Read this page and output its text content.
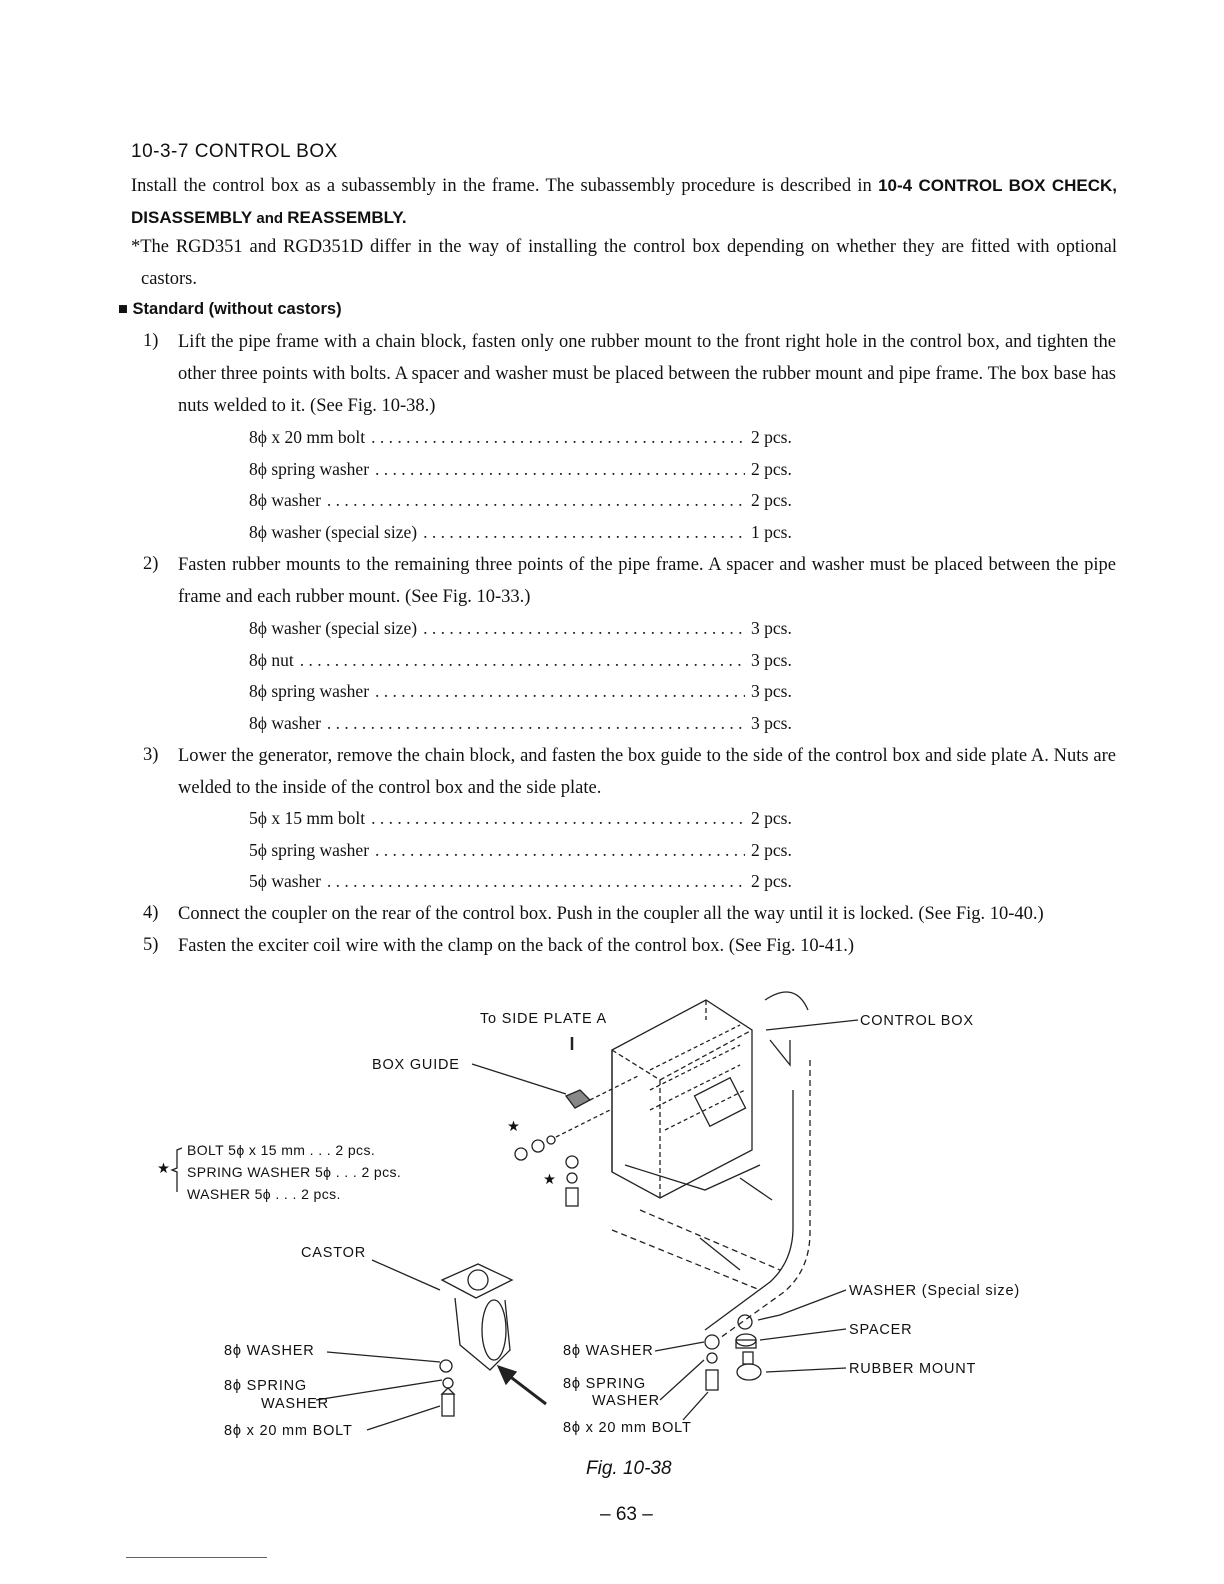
10-3-7 CONTROL BOX
Install the control box as a subassembly in the frame. The subassembly procedure is described in 10-4 CONTROL BOX CHECK, DISASSEMBLY and REASSEMBLY.
*The RGD351 and RGD351D differ in the way of installing the control box depending on whether they are fitted with optional castors.
■ Standard (without castors)
1) Lift the pipe frame with a chain block, fasten only one rubber mount to the front right hole in the control box, and tighten the other three points with bolts. A spacer and washer must be placed between the rubber mount and pipe frame. The box base has nuts welded to it. (See Fig. 10-38.)
8ϕ x 20 mm bolt . . .	2 pcs.
8ϕ spring washer . . .	2 pcs.
8ϕ washer . . .	2 pcs.
8ϕ washer (special size) . . .	1 pcs.
2) Fasten rubber mounts to the remaining three points of the pipe frame. A spacer and washer must be placed between the pipe frame and each rubber mount. (See Fig. 10-33.)
8ϕ washer (special size) . . .	3 pcs.
8ϕ nut . . .	3 pcs.
8ϕ spring washer . . .	3 pcs.
8ϕ washer . . .	3 pcs.
3) Lower the generator, remove the chain block, and fasten the box guide to the side of the control box and side plate A. Nuts are welded to the inside of the control box and the side plate.
5ϕ x 15 mm bolt . . .	2 pcs.
5ϕ spring washer . . .	2 pcs.
5ϕ washer . . .	2 pcs.
4) Connect the coupler on the rear of the control box. Push in the coupler all the way until it is locked. (See Fig. 10-40.)
5) Fasten the exciter coil wire with the clamp on the back of the control box. (See Fig. 10-41.)
To SIDE PLATE A	CONTROL BOX
BOX GUIDE
BOLT 5ϕ x 15 mm . . . 2 pcs.
SPRING WASHER 5ϕ . . . 2 pcs.
WASHER 5ϕ . . . 2 pcs.
★
★
★
CASTOR
WASHER (Special size)
SPACER
RUBBER MOUNT
8ϕ WASHER
8ϕ SPRING
WASHER
8ϕ x 20 mm BOLT
8ϕ WASHER
8ϕ SPRING
WASHER
8ϕ x 20 mm BOLT
Fig. 10-38
– 63 –
